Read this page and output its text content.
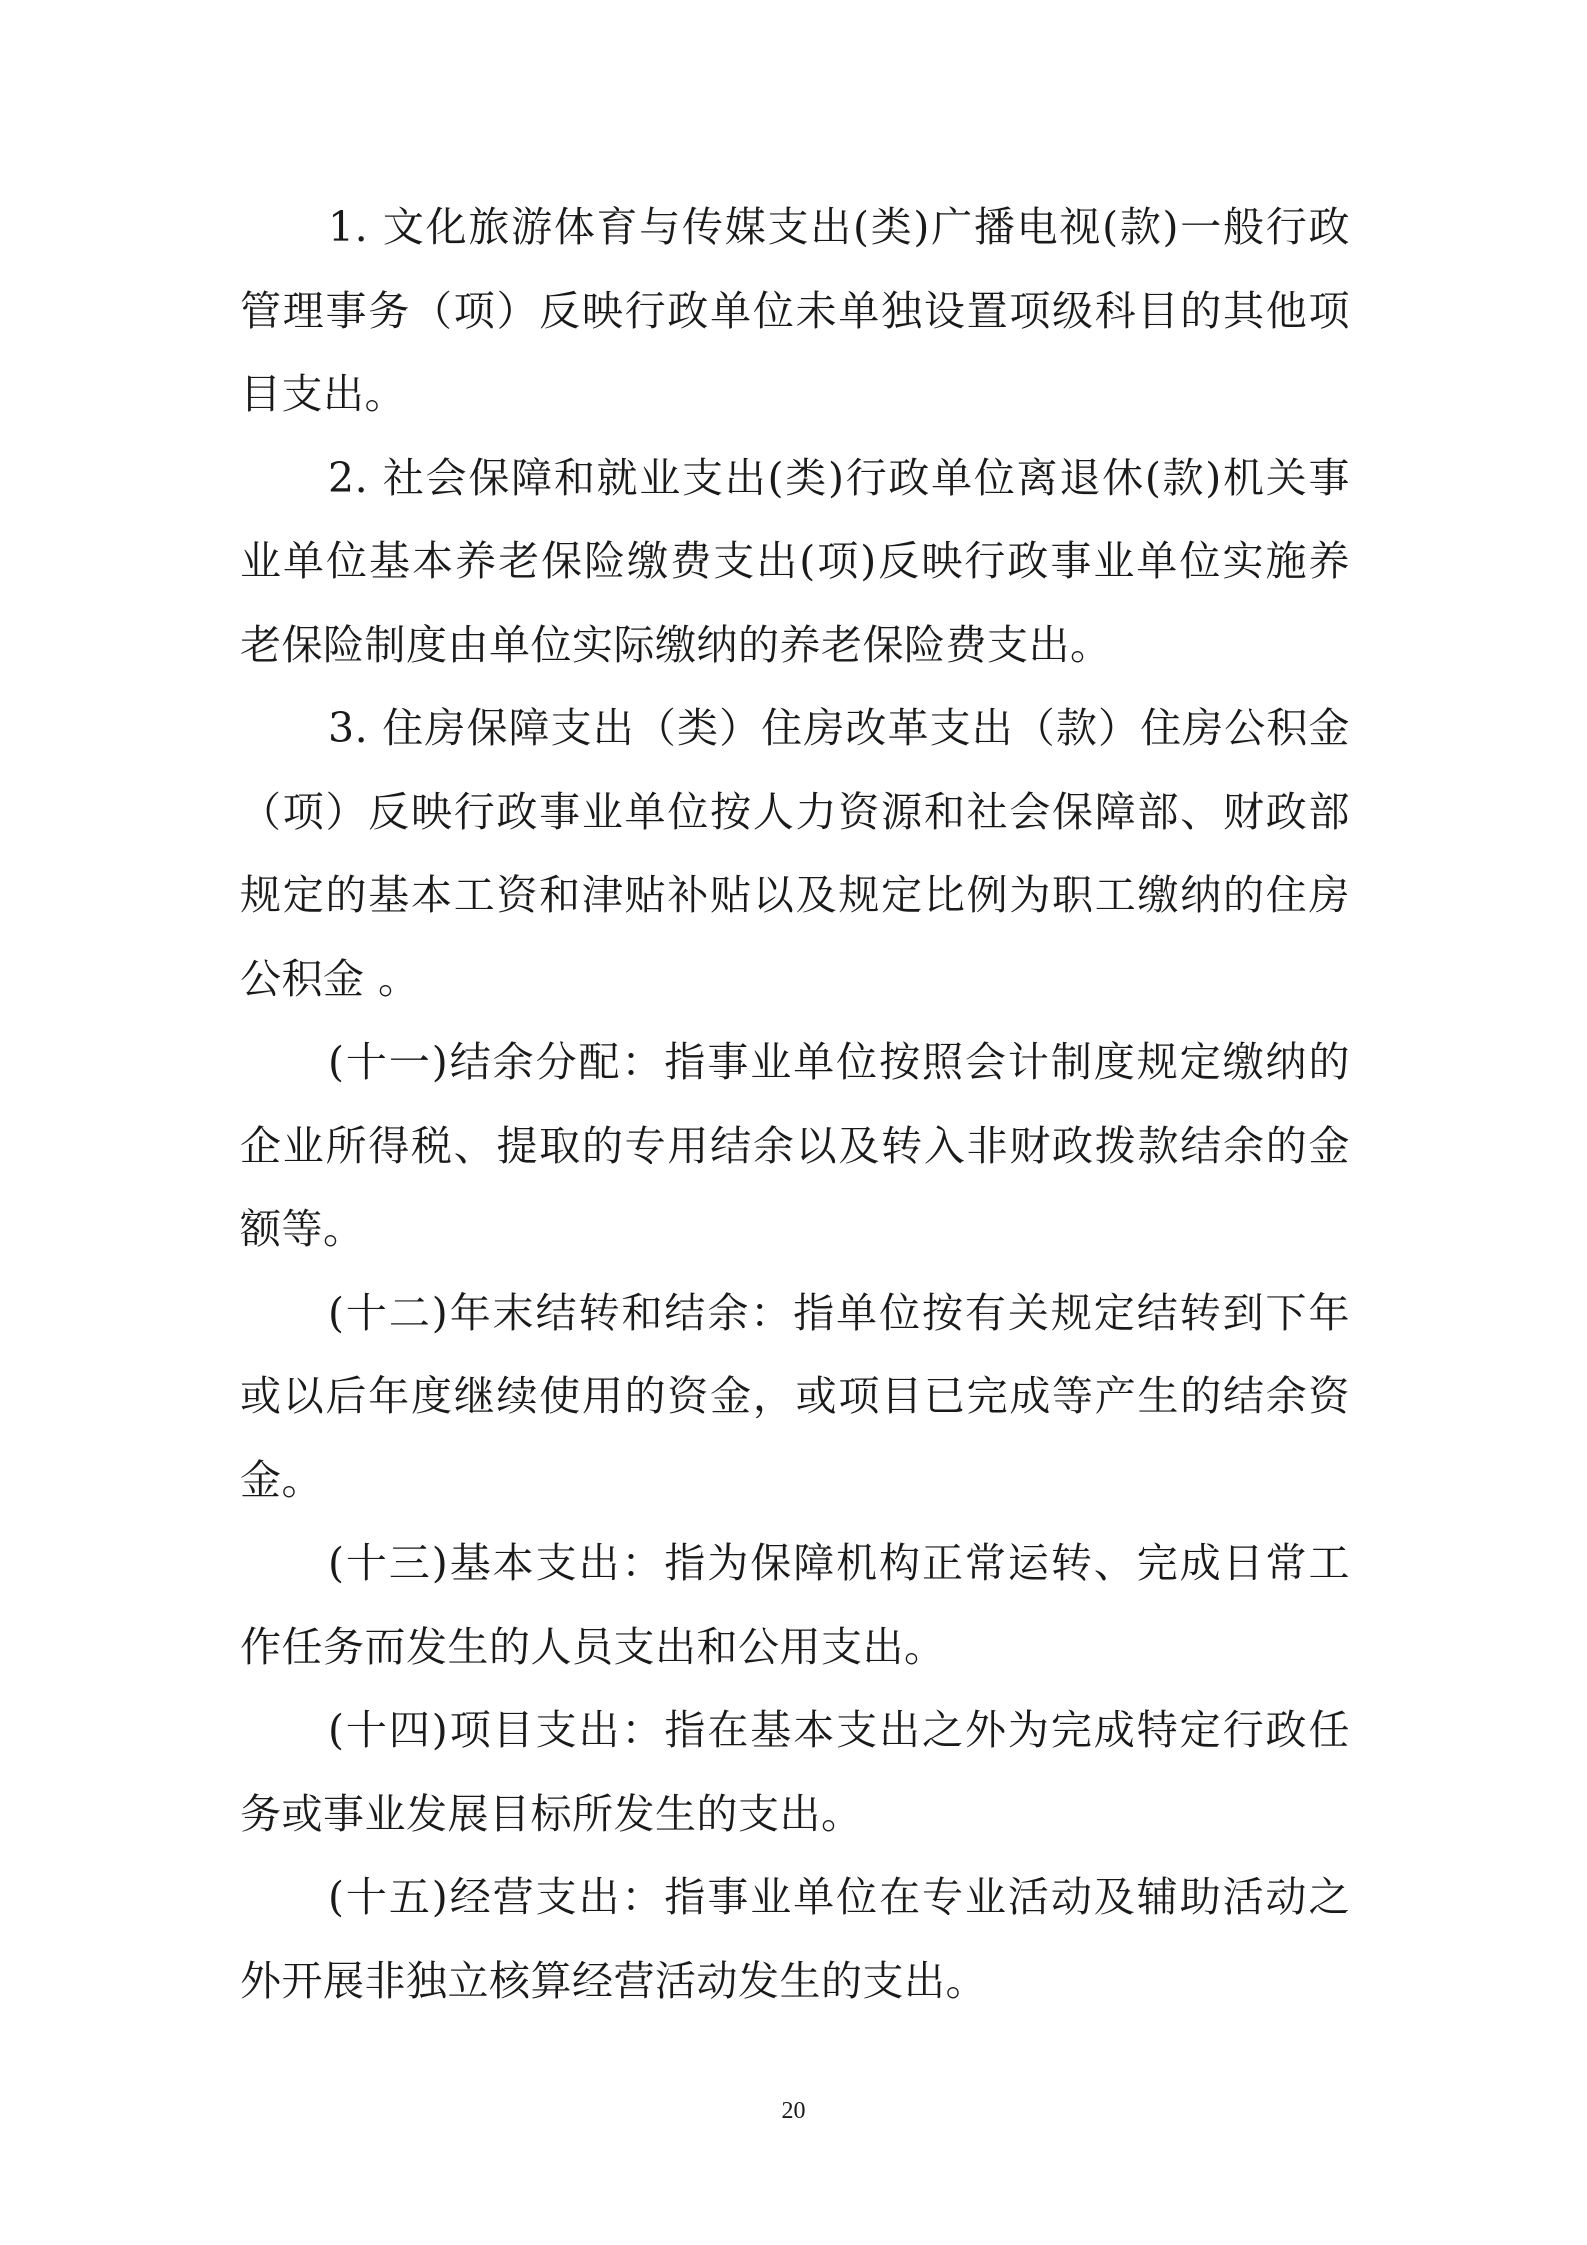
1. 文化旅游体育与传媒支出(类)广播电视(款)一般行政管理事务（项）反映行政单位未单独设置项级科目的其他项目支出。

2. 社会保障和就业支出(类)行政单位离退休(款)机关事业单位基本养老保险缴费支出(项)反映行政事业单位实施养老保险制度由单位实际缴纳的养老保险费支出。

3. 住房保障支出（类）住房改革支出（款）住房公积金（项）反映行政事业单位按人力资源和社会保障部、财政部规定的基本工资和津贴补贴以及规定比例为职工缴纳的住房公积金 。

(十一)结余分配：指事业单位按照会计制度规定缴纳的企业所得税、提取的专用结余以及转入非财政拨款结余的金额等。

(十二)年末结转和结余：指单位按有关规定结转到下年或以后年度继续使用的资金，或项目已完成等产生的结余资金。

(十三)基本支出：指为保障机构正常运转、完成日常工作任务而发生的人员支出和公用支出。

(十四)项目支出：指在基本支出之外为完成特定行政任务或事业发展目标所发生的支出。

(十五)经营支出：指事业单位在专业活动及辅助活动之外开展非独立核算经营活动发生的支出。

20
